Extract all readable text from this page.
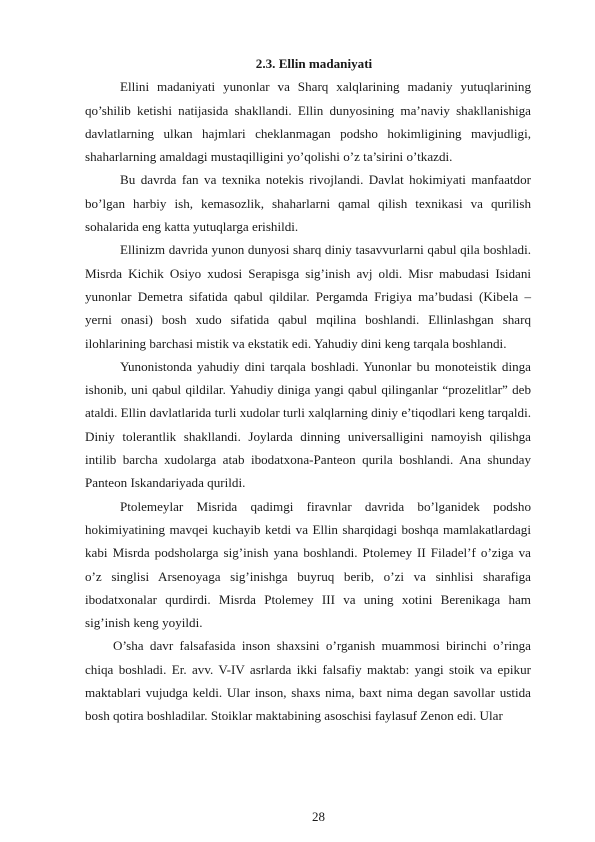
2.3. Ellin madaniyati

Ellini madaniyati yunonlar va Sharq xalqlarining madaniy yutuqlarining qo’shilib ketishi natijasida shakllandi. Ellin dunyosining ma’naviy shakllanishiga davlatlarning ulkan hajmlari cheklanmagan podsho hokimligining mavjudligi, shaharlarning amaldagi mustaqilligini yo’qolishi o’z ta’sirini o’tkazdi.

Bu davrda fan va texnika notekis rivojlandi. Davlat hokimiyati manfaatdor bo’lgan harbiy ish, kemasozlik, shaharlarni qamal qilish texnikasi va qurilish sohalarida eng katta yutuqlarga erishildi.

Ellinizm davrida yunon dunyosi sharq diniy tasavvurlarni qabul qila boshladi. Misrda Kichik Osiyo xudosi Serapisga sig’inish avj oldi. Misr mabudasi Isidani yunonlar Demetra sifatida qabul qildilar. Pergamda Frigiya ma’budasi (Kibela – yerni onasi) bosh xudo sifatida qabul mqilina boshlandi. Ellinlashgan sharq ilohlarining barchasi mistik va ekstatik edi. Yahudiy dini keng tarqala boshlandi.

Yunonistonda yahudiy dini tarqala boshladi. Yunonlar bu monoteistik dinga ishonib, uni qabul qildilar. Yahudiy diniga yangi qabul qilinganlar “prozelitlar” deb ataldi. Ellin davlatlarida turli xudolar turli xalqlarning diniy e’tiqodlari keng tarqaldi. Diniy tolerantlik shakllandi. Joylarda dinning universalligini namoyish qilishga intilib barcha xudolarga atab ibodatxona-Panteon qurila boshlandi. Ana shunday Panteon Iskandariyada qurildi.

Ptolemeylar Misrida qadimgi firavnlar davrida bo’lganidek podsho hokimiyatining mavqei kuchayib ketdi va Ellin sharqidagi boshqa mamlakatlardagi kabi Misrda podsholarga sig’inish yana boshlandi. Ptolemey II Filadel’f o’ziga va o’z singlisi Arsenoyaga sig’inishga buyruq berib, o’zi va sinhlisi sharafiga ibodatxonalar qurdirdi. Misrda Ptolemey III va uning xotini Berenikaga ham sig’inish keng yoyildi.

O’sha davr falsafasida inson shaxsini o’rganish muammosi birinchi o’ringa chiqa boshladi. Er. avv. V-IV asrlarda ikki falsafiy maktab: yangi stoik va epikur maktablari vujudga keldi. Ular inson, shaxs nima, baxt nima degan savollar ustida bosh qotira boshladilar. Stoiklar maktabining asoschisi faylasuf Zenon edi. Ular

28
